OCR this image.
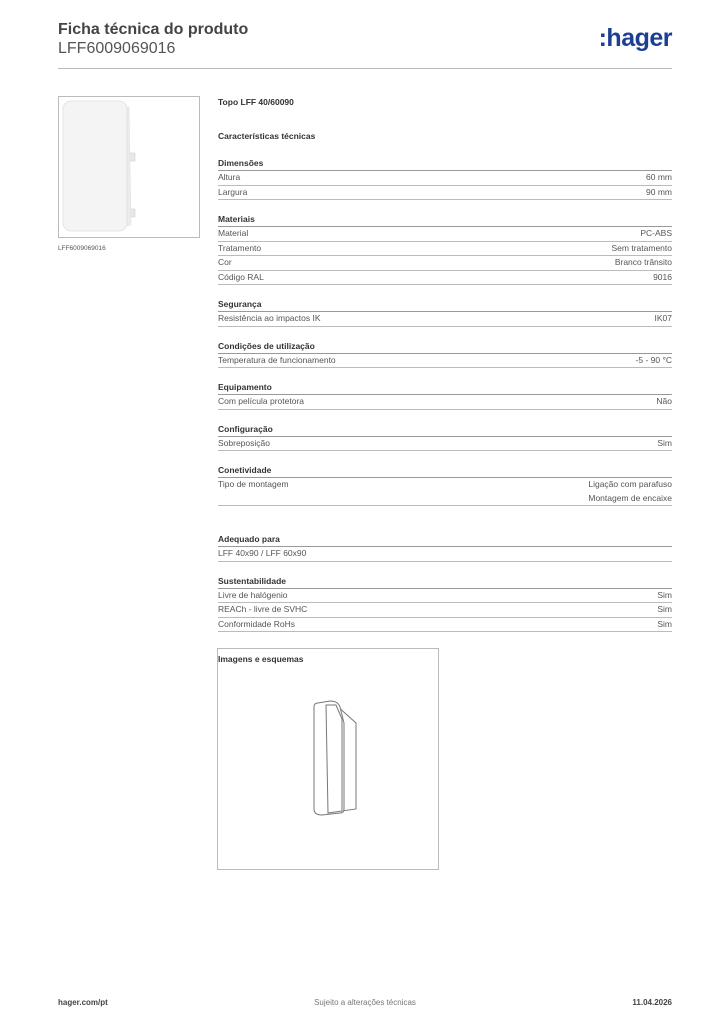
Ficha técnica do produto
LFF6009069016	:hager
LFF6009069016
Topo LFF 40/60090
Características técnicas
Dimensões
Altura	60 mm
Largura	90 mm
Materiais
Material	PC-ABS
Tratamento	Sem tratamento
Cor	Branco trânsito
Código RAL	9016
Segurança
Resistência ao impactos IK	IK07
Condições de utilização
Temperatura de funcionamento	-5 - 90 °C
Equipamento
Com película protetora	Não
Configuração
Sobreposição	Sim
Conetividade
Tipo de montagem	Ligação com parafuso
Montagem de encaixe
Adequado para
LFF 40x90 / LFF 60x90
Sustentabilidade
Livre de halógenio	Sim
REACh - livre de SVHC	Sim
Conformidade RoHs	Sim
Imagens e esquemas
hager.com/pt	Sujeito a alterações técnicas	11.04.2026
